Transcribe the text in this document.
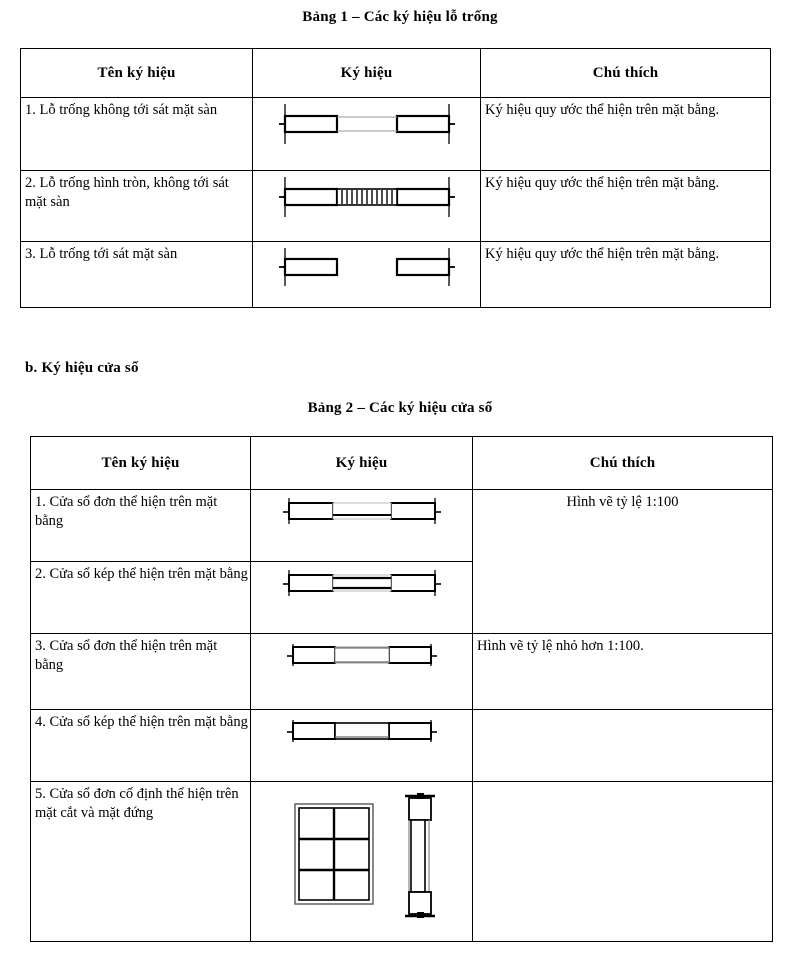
Bảng 1 – Các ký hiệu lỗ trống
Tên ký hiệu	Ký hiệu	Chú thích

1. Lỗ trống không tới sát mặt sàn		Ký hiệu quy ước thể hiện trên mặt bằng.

2. Lỗ trống hình tròn, không tới sát mặt sàn		Ký hiệu quy ước thể hiện trên mặt bằng.

3. Lỗ trống tới sát mặt sàn		Ký hiệu quy ước thể hiện trên mặt bằng.
b. Ký hiệu cửa sổ
Bảng 2 – Các ký hiệu cửa sổ
Tên ký hiệu	Ký hiệu	Chú thích

1. Cửa sổ đơn thể hiện trên mặt bằng		Hình vẽ tỷ lệ 1:100

2. Cửa sổ kép thể hiện trên mặt bằng

3. Cửa sổ đơn thể hiện trên mặt bằng		Hình vẽ tỷ lệ nhỏ hơn 1:100.

4. Cửa sổ kép thể hiện trên mặt bằng

5. Cửa sổ đơn cố định thể hiện trên mặt cắt và mặt đứng
